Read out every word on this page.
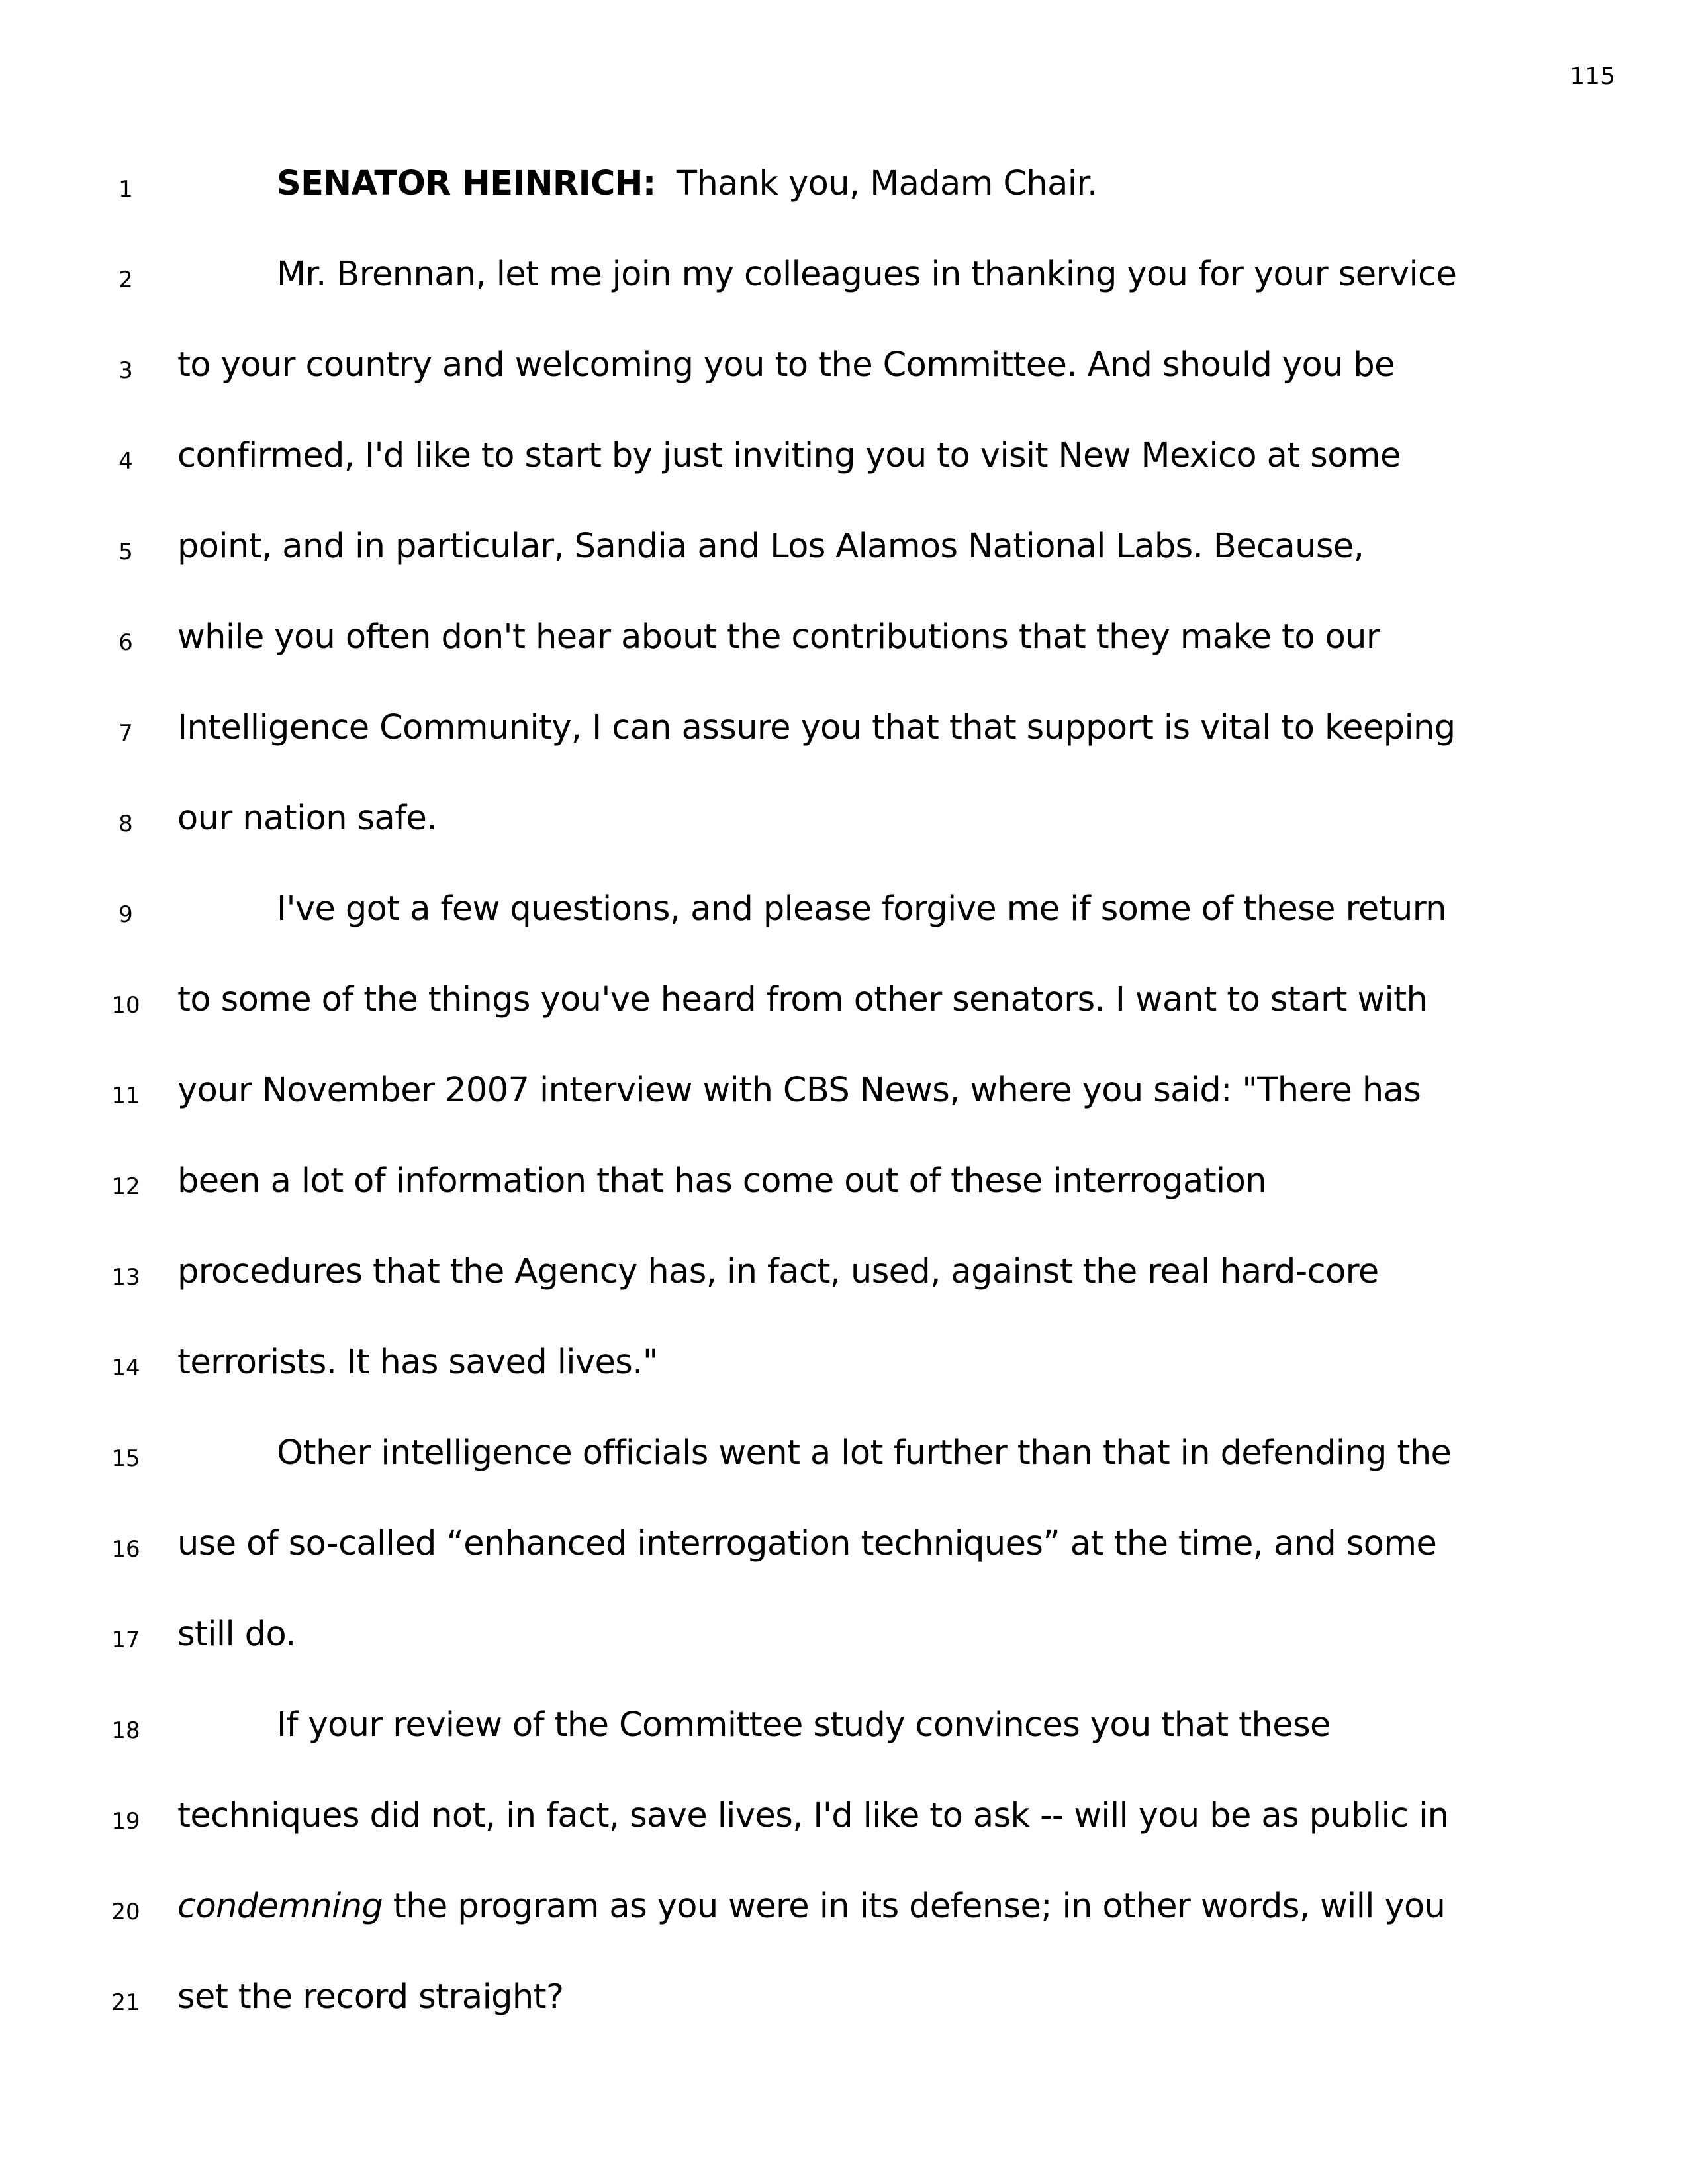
115
1	SENATOR HEINRICH:  Thank you, Madam Chair.
2	Mr. Brennan, let me join my colleagues in thanking you for your service
3	to your country and welcoming you to the Committee. And should you be
4	confirmed, I'd like to start by just inviting you to visit New Mexico at some
5	point, and in particular, Sandia and Los Alamos National Labs. Because,
6	while you often don't hear about the contributions that they make to our
7	Intelligence Community, I can assure you that that support is vital to keeping
8	our nation safe.
9	I've got a few questions, and please forgive me if some of these return
10	to some of the things you've heard from other senators. I want to start with
11	your November 2007 interview with CBS News, where you said: "There has
12	been a lot of information that has come out of these interrogation
13	procedures that the Agency has, in fact, used, against the real hard-core
14	terrorists. It has saved lives."
15	Other intelligence officials went a lot further than that in defending the
16	use of so-called “enhanced interrogation techniques” at the time, and some
17	still do.
18	If your review of the Committee study convinces you that these
19	techniques did not, in fact, save lives, I'd like to ask -- will you be as public in
20	condemning the program as you were in its defense; in other words, will you
21	set the record straight?
